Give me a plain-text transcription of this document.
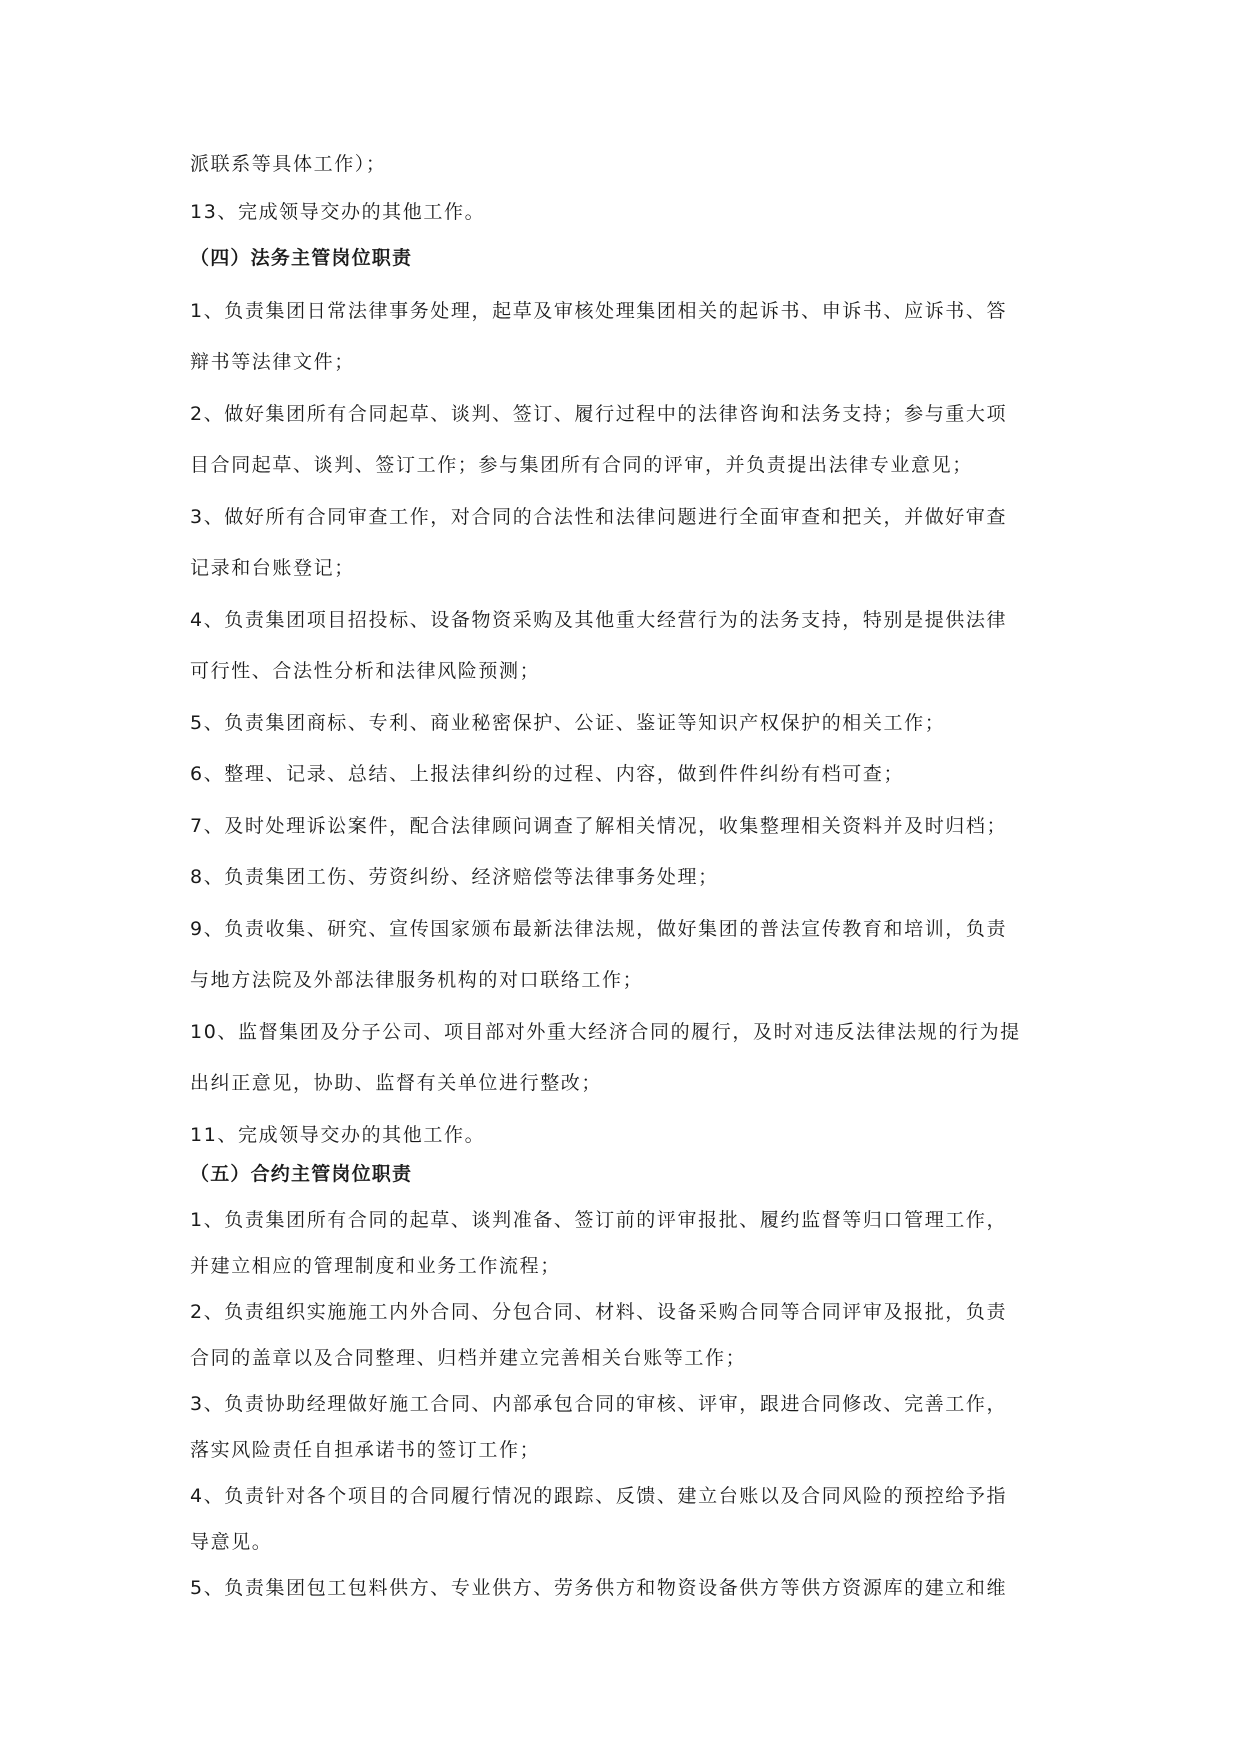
派联系等具体工作）；
13、完成领导交办的其他工作。
（四）法务主管岗位职责
1、负责集团日常法律事务处理，起草及审核处理集团相关的起诉书、申诉书、应诉书、答
辩书等法律文件；
2、做好集团所有合同起草、谈判、签订、履行过程中的法律咨询和法务支持；参与重大项
目合同起草、谈判、签订工作；参与集团所有合同的评审，并负责提出法律专业意见；
3、做好所有合同审查工作，对合同的合法性和法律问题进行全面审查和把关，并做好审查
记录和台账登记；
4、负责集团项目招投标、设备物资采购及其他重大经营行为的法务支持，特别是提供法律
可行性、合法性分析和法律风险预测；
5、负责集团商标、专利、商业秘密保护、公证、鉴证等知识产权保护的相关工作；
6、整理、记录、总结、上报法律纠纷的过程、内容，做到件件纠纷有档可查；
7、及时处理诉讼案件，配合法律顾问调查了解相关情况，收集整理相关资料并及时归档；
8、负责集团工伤、劳资纠纷、经济赔偿等法律事务处理；
9、负责收集、研究、宣传国家颁布最新法律法规，做好集团的普法宣传教育和培训，负责
与地方法院及外部法律服务机构的对口联络工作；
10、监督集团及分子公司、项目部对外重大经济合同的履行，及时对违反法律法规的行为提
出纠正意见，协助、监督有关单位进行整改；
11、完成领导交办的其他工作。
（五）合约主管岗位职责
1、负责集团所有合同的起草、谈判准备、签订前的评审报批、履约监督等归口管理工作，
并建立相应的管理制度和业务工作流程；
2、负责组织实施施工内外合同、分包合同、材料、设备采购合同等合同评审及报批，负责
合同的盖章以及合同整理、归档并建立完善相关台账等工作；
3、负责协助经理做好施工合同、内部承包合同的审核、评审，跟进合同修改、完善工作，
落实风险责任自担承诺书的签订工作；
4、负责针对各个项目的合同履行情况的跟踪、反馈、建立台账以及合同风险的预控给予指
导意见。
5、负责集团包工包料供方、专业供方、劳务供方和物资设备供方等供方资源库的建立和维
